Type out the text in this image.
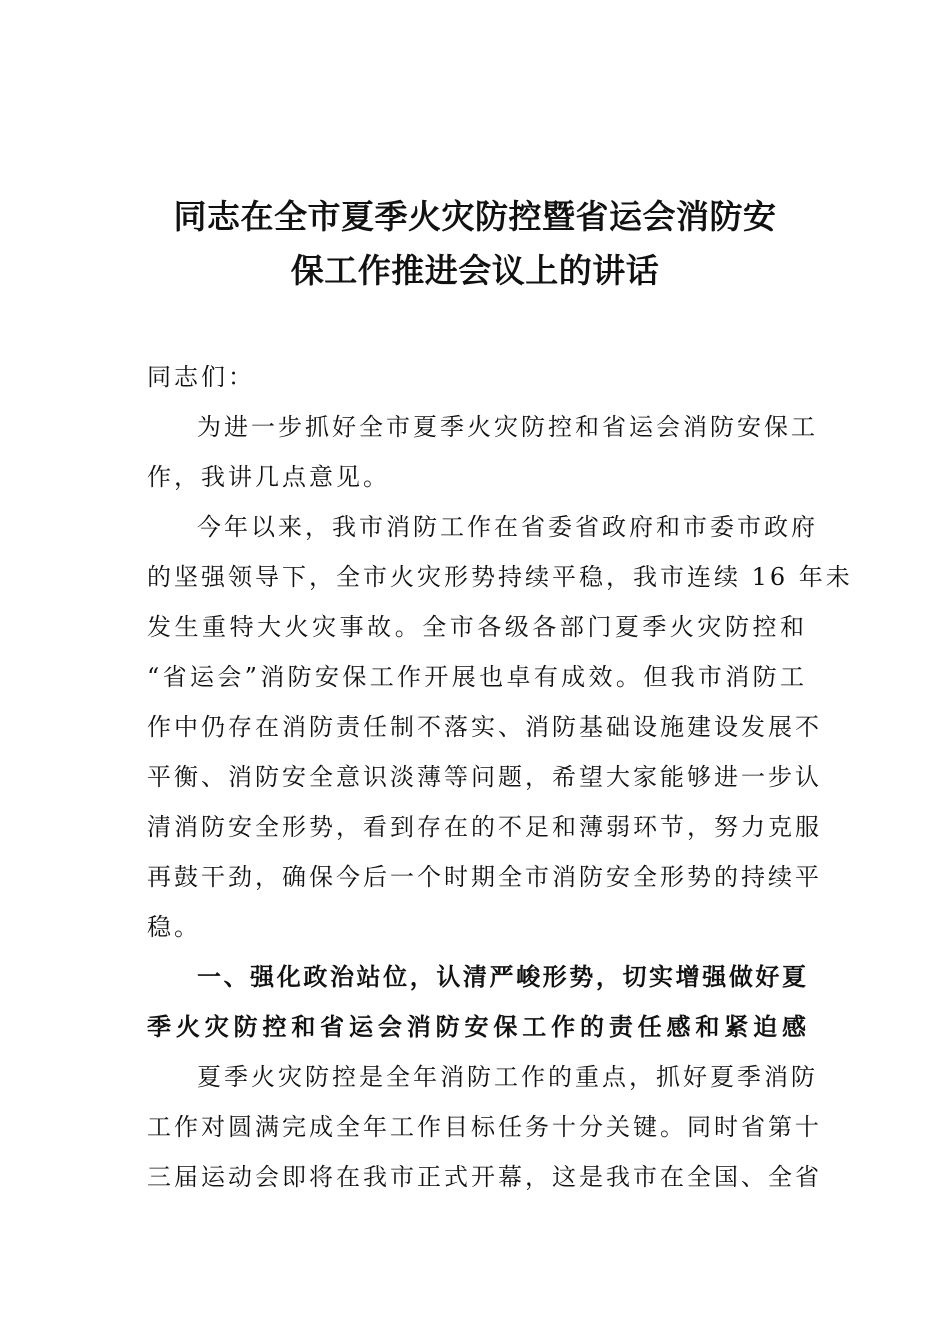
同志在全市夏季火灾防控暨省运会消防安
保工作推进会议上的讲话
同志们：
为进一步抓好全市夏季火灾防控和省运会消防安保工
作，我讲几点意见。
今年以来，我市消防工作在省委省政府和市委市政府
的坚强领导下，全市火灾形势持续平稳，我市连续 16 年未
发生重特大火灾事故。全市各级各部门夏季火灾防控和
“省运会”消防安保工作开展也卓有成效。但我市消防工
作中仍存在消防责任制不落实、消防基础设施建设发展不
平衡、消防安全意识淡薄等问题，希望大家能够进一步认
清消防安全形势，看到存在的不足和薄弱环节，努力克服
再鼓干劲，确保今后一个时期全市消防安全形势的持续平
稳。
一、强化政治站位，认清严峻形势，切实增强做好夏
季火灾防控和省运会消防安保工作的责任感和紧迫感
夏季火灾防控是全年消防工作的重点，抓好夏季消防
工作对圆满完成全年工作目标任务十分关键。同时省第十
三届运动会即将在我市正式开幕，这是我市在全国、全省
